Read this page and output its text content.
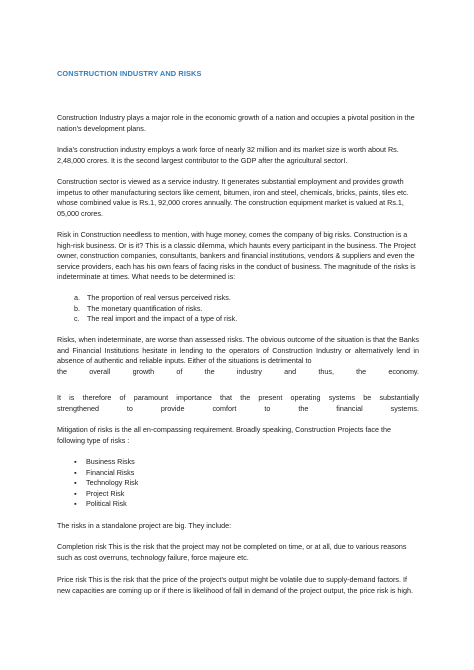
CONSTRUCTION INDUSTRY AND RISKS

Construction Industry plays a major role in the economic growth of a nation and occupies a pivotal position in the nation's development plans.

India's construction industry employs a work force of nearly 32 million and its market size is worth about Rs. 2,48,000 crores. It is the second largest contributor to the GDP after the agricultural sectorI.

Construction sector is viewed as a service industry. It generates substantial employment and provides growth impetus to other manufacturing sectors like cement, bitumen, iron and steel, chemicals, bricks, paints, tiles etc. whose combined value is Rs.1, 92,000 crores annually. The construction equipment market is valued at Rs.1, 05,000 crores.

Risk in Construction needless to mention, with huge money, comes the company of big risks. Construction is a high-risk business. Or is it? This is a classic dilemma, which haunts every participant in the business. The Project owner, construction companies, consultants, bankers and financial institutions, vendors & suppliers and even the service providers, each has his own fears of facing risks in the conduct of business. The magnitude of the risks is indeterminate at times. What needs to be determined is:

a. The proportion of real versus perceived risks.
b. The monetary quantification of risks.
c. The real import and the impact of a type of risk.

Risks, when indeterminate, are worse than assessed risks. The obvious outcome of the situation is that the Banks and Financial Institutions hesitate in lending to the operators of Construction Industry or alternatively lend in absence of authentic and reliable inputs. Either of the situations is detrimental to

the overall growth of the industry and thus, the economy.

It is therefore of paramount importance that the present operating systems be substantially

strengthened to provide comfort to the financial systems.

Mitigation of risks is the all en-compassing requirement. Broadly speaking, Construction Projects face the following type of risks :

▪ Business Risks
▪ Financial Risks
▪ Technology Risk
▪ Project Risk
▪ Political Risk

The risks in a standalone project are big. They include:

Completion risk This is the risk that the project may not be completed on time, or at all, due to various reasons such as cost overruns, technology failure, force majeure etc.

Price risk This is the risk that the price of the project's output might be volatile due to supply-demand factors. If new capacities are coming up or if there is likelihood of fall in demand of the project output, the price risk is high.
